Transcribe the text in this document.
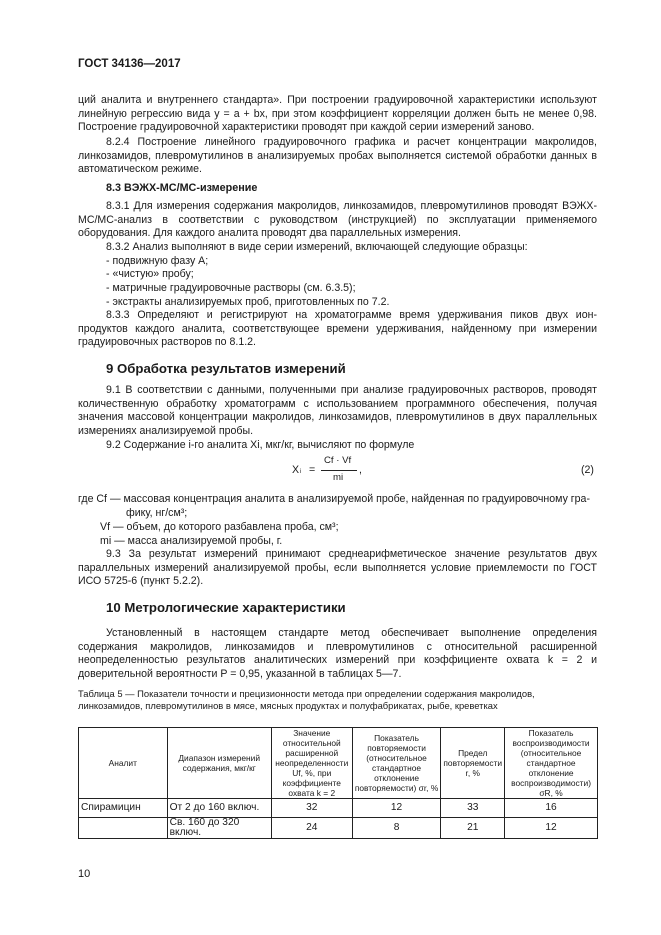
ГОСТ 34136—2017

ций аналита и внутреннего стандарта». При построении градуировочной характеристики используют линейную регрессию вида y = a + bx, при этом коэффициент корреляции должен быть не менее 0,98. Построение градуировочной характеристики проводят при каждой серии измерений заново.

8.2.4 Построение линейного градуировочного графика и расчет концентрации макролидов, линкозамидов, плевромутилинов в анализируемых пробах выполняется системой обработки данных в автоматическом режиме.

8.3 ВЭЖХ-МС/МС-измерение

8.3.1 Для измерения содержания макролидов, линкозамидов, плевромутилинов проводят ВЭЖХ-МС/МС-анализ в соответствии с руководством (инструкцией) по эксплуатации применяемого оборудования. Для каждого аналита проводят два параллельных измерения.

8.3.2 Анализ выполняют в виде серии измерений, включающей следующие образцы:
- подвижную фазу А;
- «чистую» пробу;
- матричные градуировочные растворы (см. 6.3.5);
- экстракты анализируемых проб, приготовленных по 7.2.

8.3.3 Определяют и регистрируют на хроматограмме время удерживания пиков двух ион-продуктов каждого аналита, соответствующее времени удерживания, найденному при измерении градуировочных растворов по 8.1.2.

9 Обработка результатов измерений

9.1 В соответствии с данными, полученными при анализе градуировочных растворов, проводят количественную обработку хроматограмм с использованием программного обеспечения, получая значения массовой концентрации макролидов, линкозамидов, плевромутилинов в двух параллельных измерениях анализируемой пробы.

9.2 Содержание i-го аналита Xi, мкг/кг, вычисляют по формуле
X i =
Cf · Vf
mi
,	(2)
где Cf — массовая концентрация аналита в анализируемой пробе, найденная по градуировочному гра-
фику, нг/см³;
Vf — объем, до которого разбавлена проба, см³;
mi — масса анализируемой пробы, г.

9.3 За результат измерений принимают среднеарифметическое значение результатов двух параллельных измерений анализируемой пробы, если выполняется условие приемлемости по ГОСТ ИСО 5725-6 (пункт 5.2.2).

10 Метрологические характеристики

Установленный в настоящем стандарте метод обеспечивает выполнение определения содержания макролидов, линкозамидов и плевромутилинов с относительной расширенной неопределенностью результатов аналитических измерений при коэффициенте охвата k = 2 и доверительной вероятности P = 0,95, указанной в таблицах 5—7.

Таблица 5 — Показатели точности и прецизионности метода при определении содержания макролидов, линкозамидов, плевромутилинов в мясе, мясных продуктах и полуфабрикатах, рыбе, креветках

Аналит	Диапазон измерений содержания, мкг/кг	Значение относительной расширенной неопределенности Uf, %, при коэффициенте охвата k = 2	Показатель повторяемости (относительное стандартное отклонение повторяемости) σr, %	Предел повторяемости r, %	Показатель воспроизводимости (относительное стандартное отклонение воспроизводимости) σR, %
Спирамицин	От 2 до 160 включ.	32	12	33	16
	Св. 160 до 320 включ.	24	8	21	12
10
